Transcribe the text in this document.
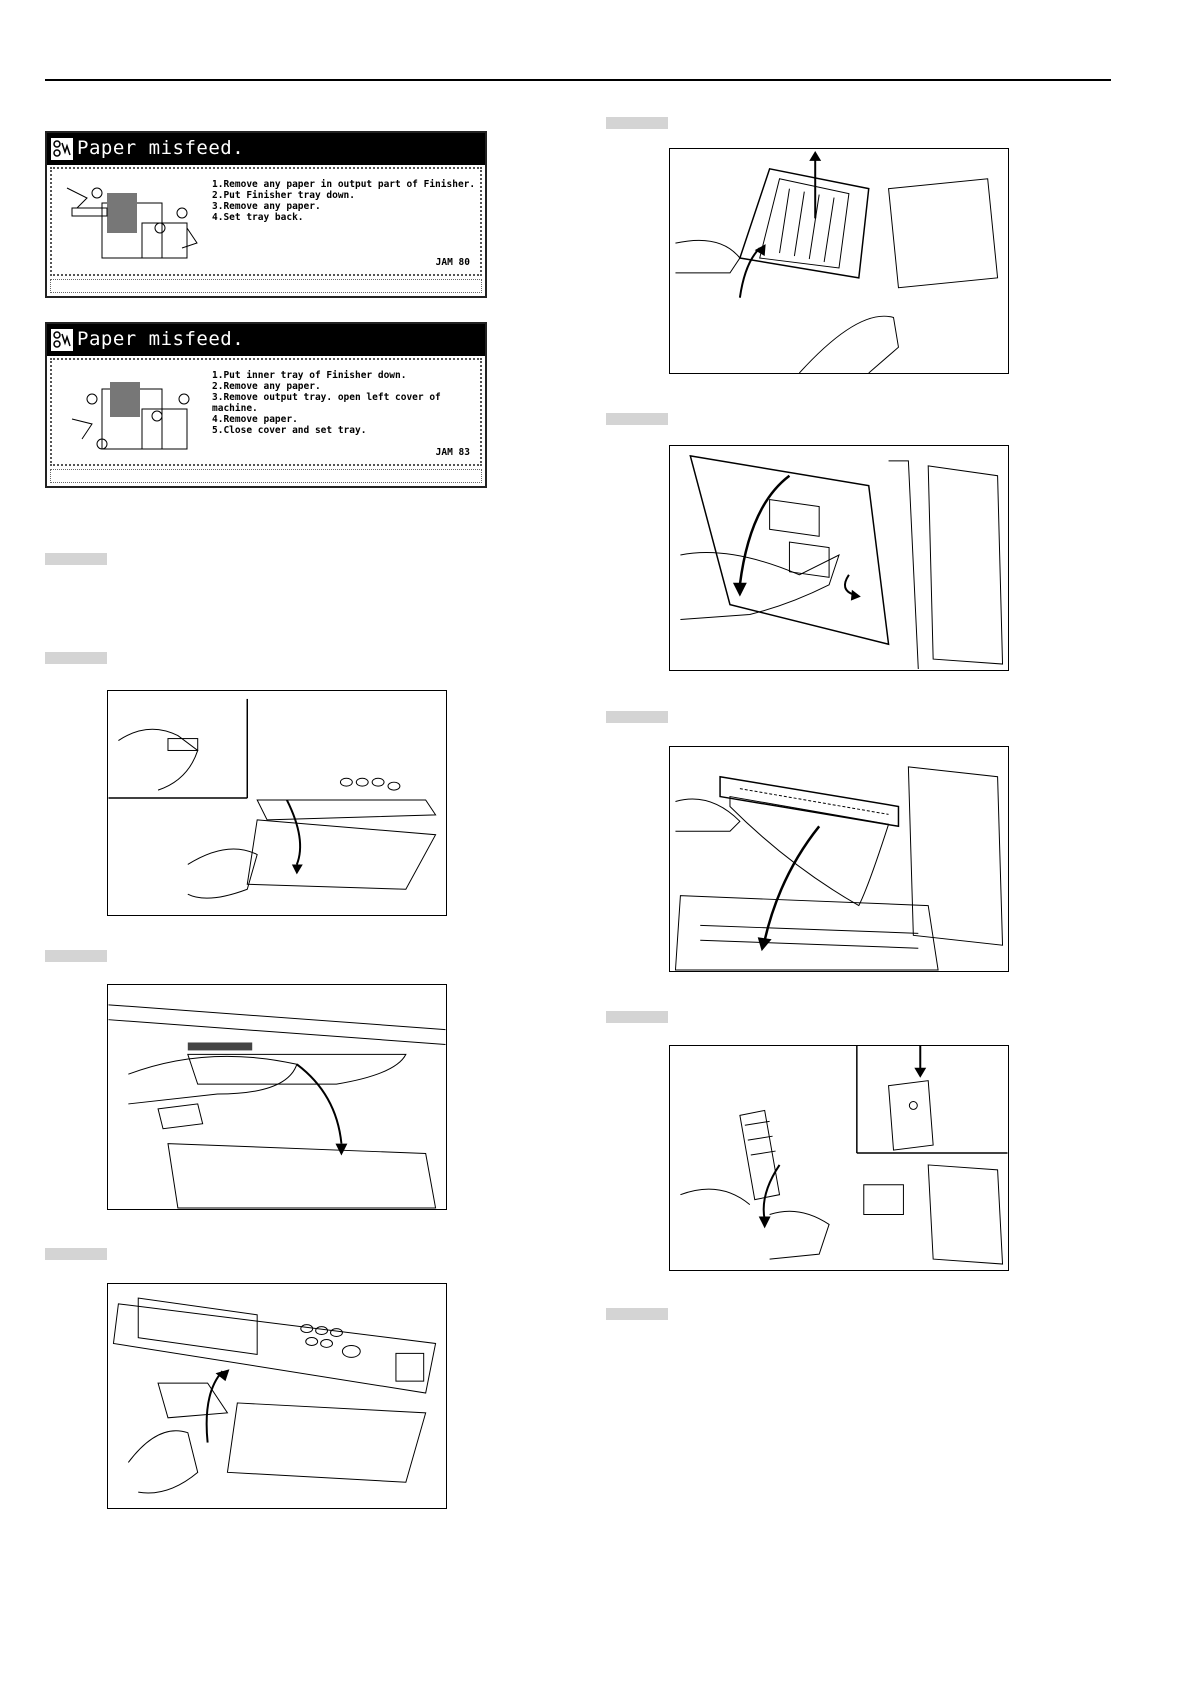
Paper misfeed.
1.Remove any paper in output part of Finisher.
2.Put Finisher tray down.
3.Remove any paper.
4.Set tray back.
JAM 80
Paper misfeed.
1.Put inner tray of Finisher down.
2.Remove any paper.
3.Remove output tray. open left cover of machine.
4.Remove paper.
5.Close cover and set tray.
JAM 83
